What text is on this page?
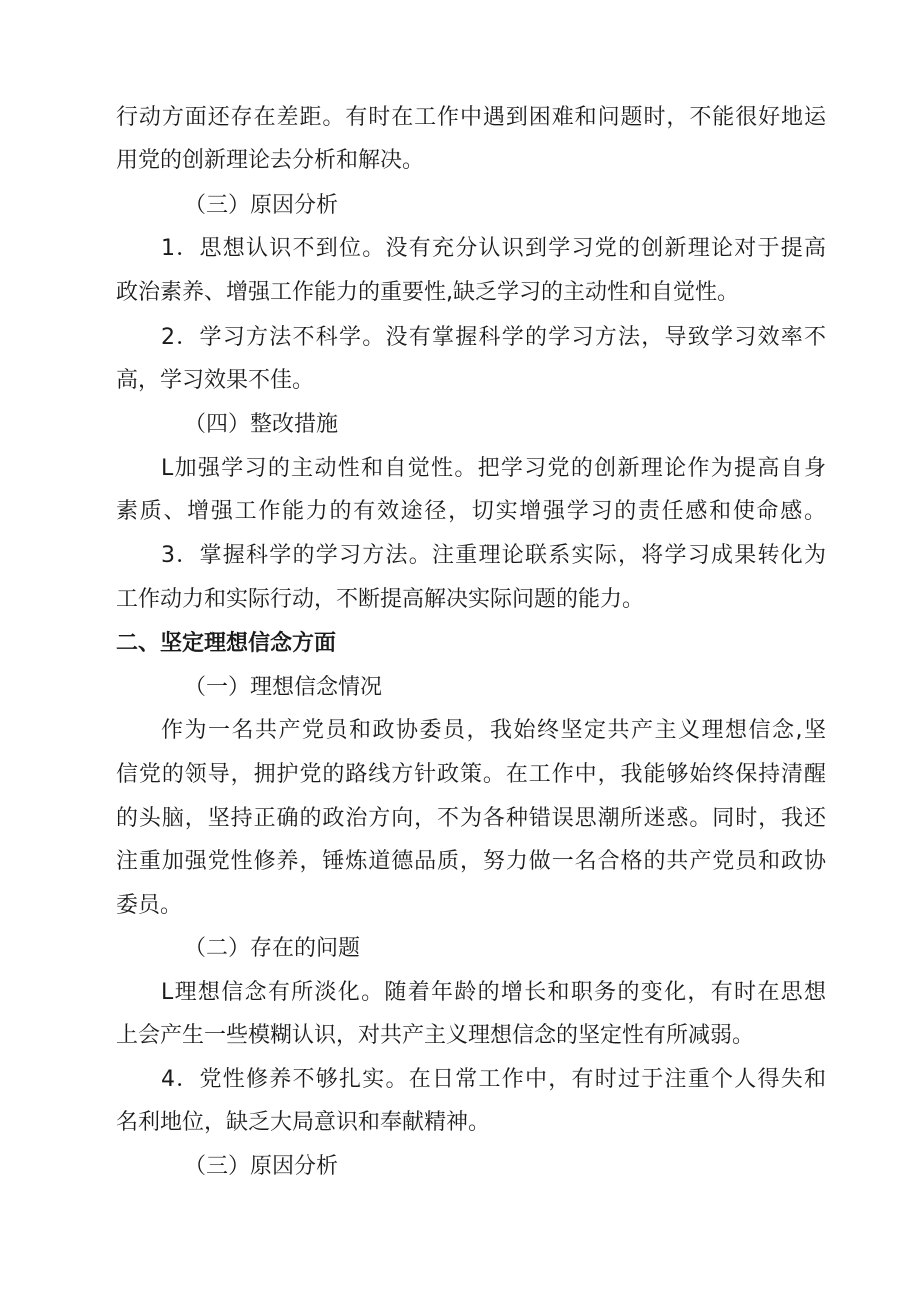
行动方面还存在差距。有时在工作中遇到困难和问题时，不能很好地运

用党的创新理论去分析和解决。

（三）原因分析

1．思想认识不到位。没有充分认识到学习党的创新理论对于提高

政治素养、增强工作能力的重要性,缺乏学习的主动性和自觉性。

2．学习方法不科学。没有掌握科学的学习方法，导致学习效率不

高，学习效果不佳。

（四）整改措施

L加强学习的主动性和自觉性。把学习党的创新理论作为提高自身

素质、增强工作能力的有效途径，切实增强学习的责任感和使命感。

3．掌握科学的学习方法。注重理论联系实际，将学习成果转化为

工作动力和实际行动，不断提高解决实际问题的能力。

二、坚定理想信念方面

（一）理想信念情况

作为一名共产党员和政协委员，我始终坚定共产主义理想信念,坚

信党的领导，拥护党的路线方针政策。在工作中，我能够始终保持清醒

的头脑，坚持正确的政治方向，不为各种错误思潮所迷惑。同时，我还

注重加强党性修养，锤炼道德品质，努力做一名合格的共产党员和政协

委员。

（二）存在的问题

L理想信念有所淡化。随着年龄的增长和职务的变化，有时在思想

上会产生一些模糊认识，对共产主义理想信念的坚定性有所减弱。

4．党性修养不够扎实。在日常工作中，有时过于注重个人得失和

名利地位，缺乏大局意识和奉献精神。

（三）原因分析
